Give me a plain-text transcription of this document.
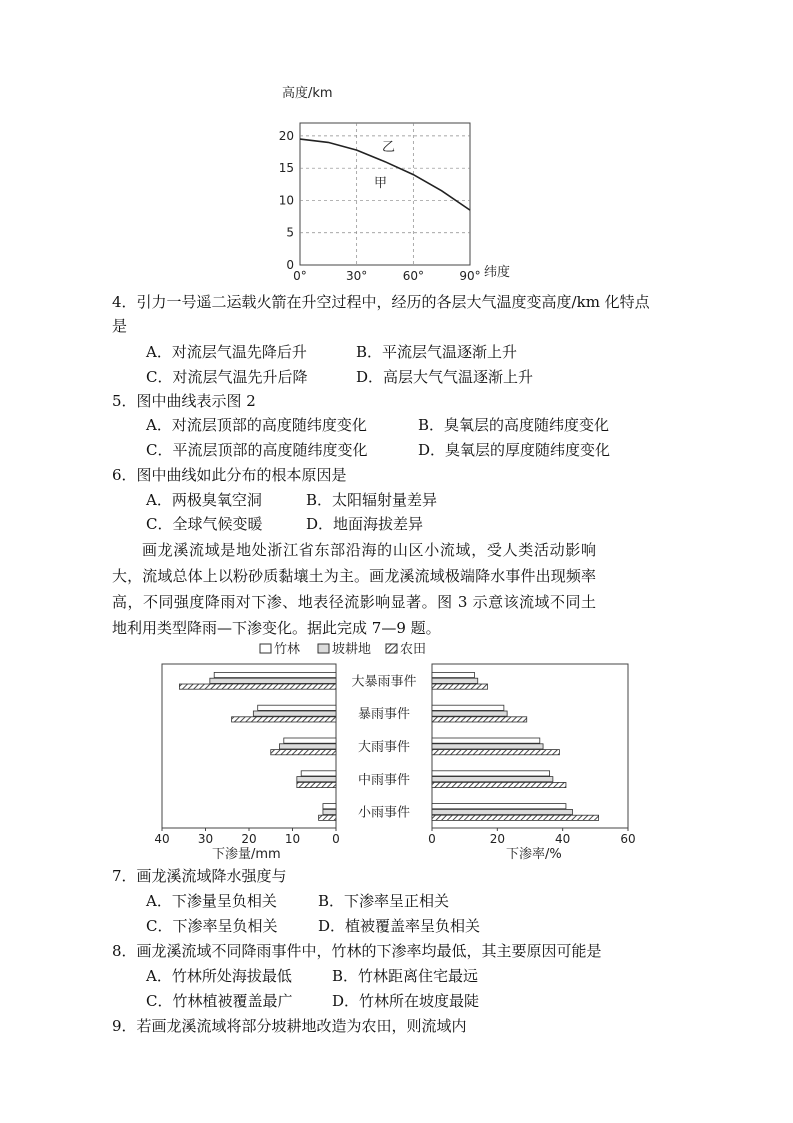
高度/km
20
15
10
5
0
0°	30°	60°	90°
乙
甲
纬度
4．引力一号遥二运载火箭在升空过程中，经历的各层大气温度变高度/km 化特点
是
A．对流层气温先降后升	B．平流层气温逐渐上升
C．对流层气温先升后降	D．高层大气气温逐渐上升
5．图中曲线表示图 2
A．对流层顶部的高度随纬度变化	B．臭氧层的高度随纬度变化
C．平流层顶部的高度随纬度变化	D．臭氧层的厚度随纬度变化
6．图中曲线如此分布的根本原因是
A．两极臭氧空洞	B．太阳辐射量差异
C．全球气候变暖	D．地面海拔差异
画龙溪流域是地处浙江省东部沿海的山区小流域，受人类活动影响大，流域总体上以粉砂质黏壤土为主。画龙溪流域极端降水事件出现频率高，不同强度降雨对下渗、地表径流影响显著。图 3 示意该流域不同土地利用类型降雨—下渗变化。据此完成 7—9 题。
竹林 坡耕地 农田
大暴雨事件
暴雨事件
大雨事件
中雨事件
小雨事件
40 30 20 10	0	0	20	40	60
下渗量/mm	下渗率/%
7．画龙溪流域降水强度与
A．下渗量呈负相关	B．下渗率呈正相关
C．下渗率呈负相关	D．植被覆盖率呈负相关
8．画龙溪流域不同降雨事件中，竹林的下渗率均最低，其主要原因可能是
A．竹林所处海拔最低	B．竹林距离住宅最远
C．竹林植被覆盖最广	D．竹林所在坡度最陡
9．若画龙溪流域将部分坡耕地改造为农田，则流域内
